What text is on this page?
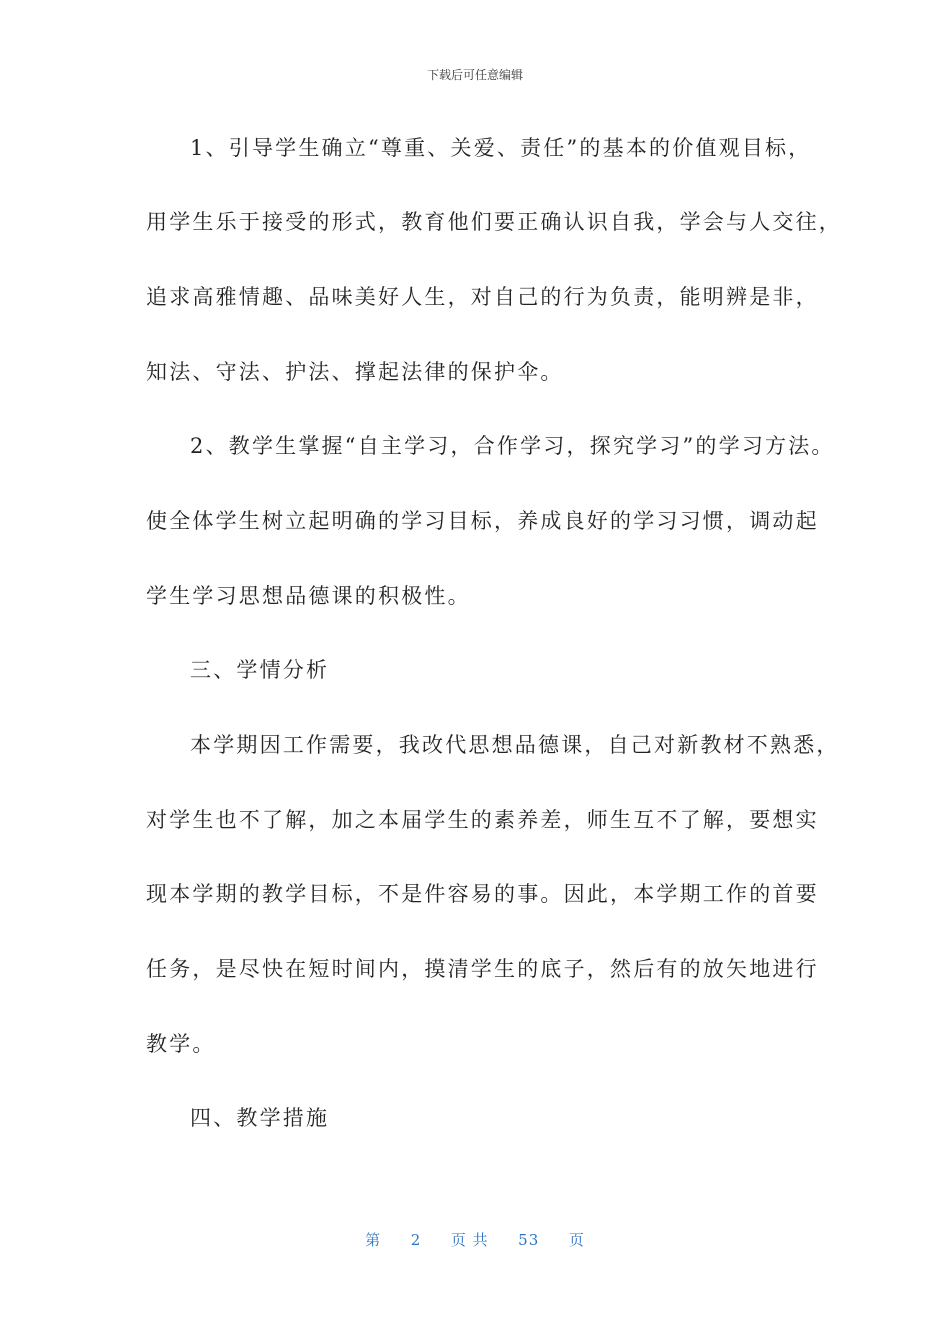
下载后可任意编辑
1、引导学生确立“尊重、关爱、责任”的基本的价值观目标，
用学生乐于接受的形式，教育他们要正确认识自我，学会与人交往，
追求高雅情趣、品味美好人生，对自己的行为负责，能明辨是非，
知法、守法、护法、撑起法律的保护伞。
2、教学生掌握“自主学习，合作学习，探究学习”的学习方法。
使全体学生树立起明确的学习目标，养成良好的学习习惯，调动起
学生学习思想品德课的积极性。
三、学情分析
本学期因工作需要，我改代思想品德课，自己对新教材不熟悉，
对学生也不了解，加之本届学生的素养差，师生互不了解，要想实
现本学期的教学目标，不是件容易的事。因此，本学期工作的首要
任务，是尽快在短时间内，摸清学生的底子，然后有的放矢地进行
教学。
四、教学措施
第 2 页 共 53 页
